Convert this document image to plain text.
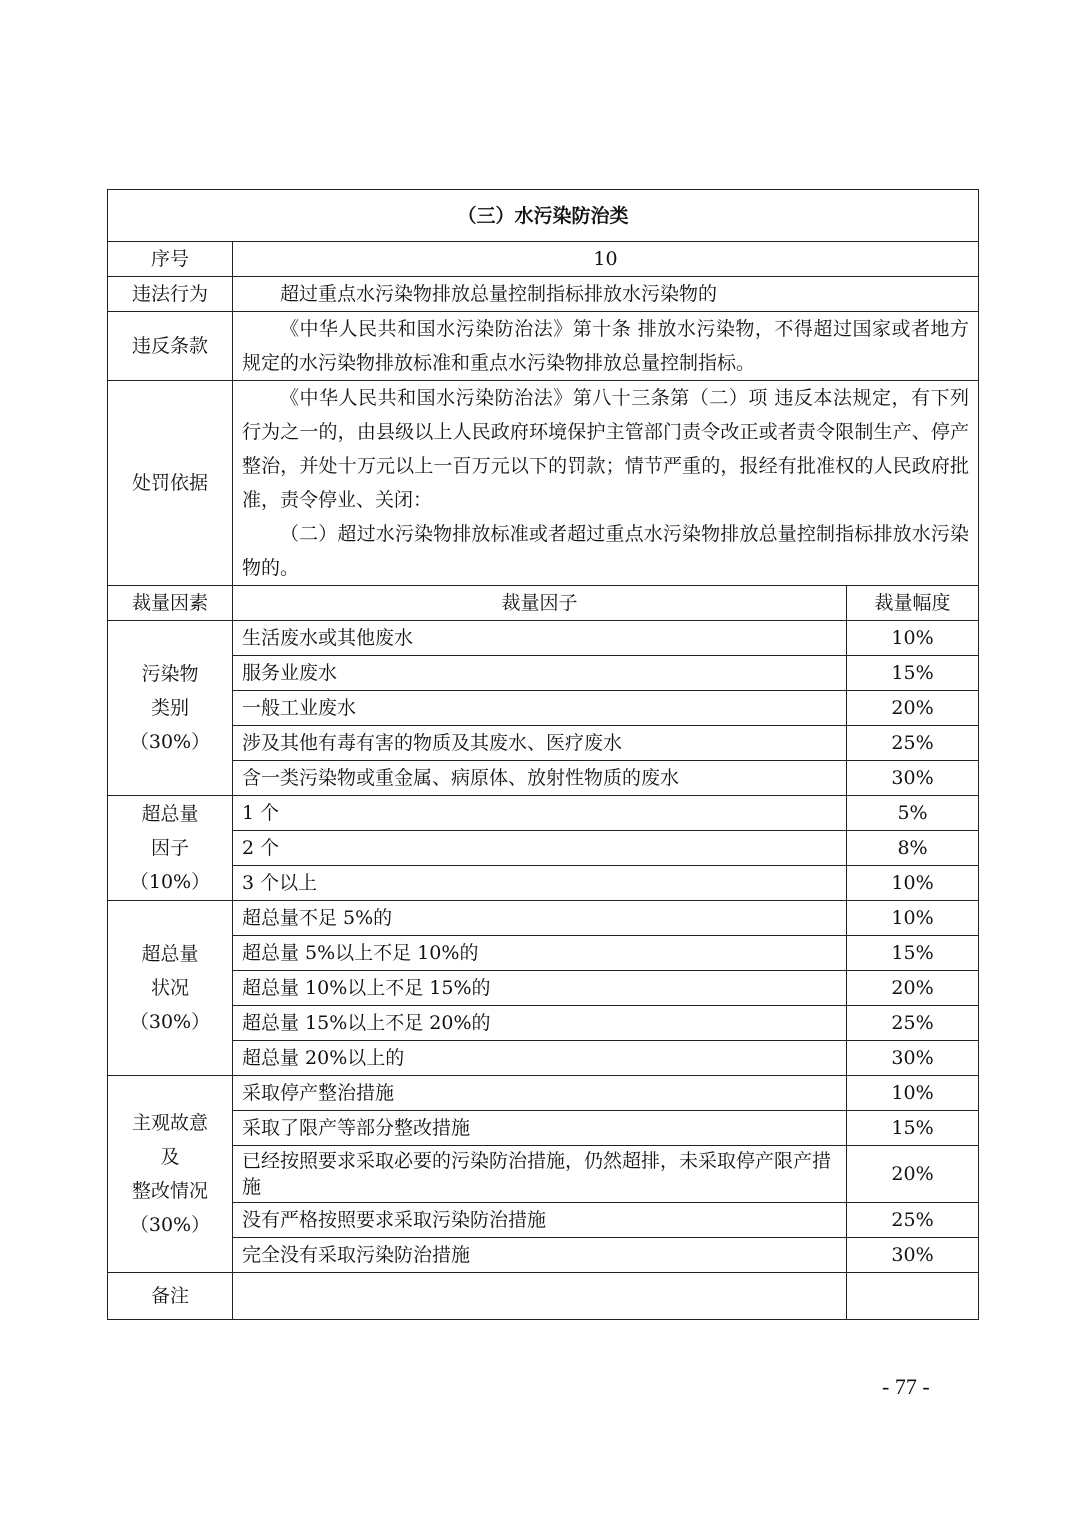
（三）水污染防治类		
序号	10	
违法行为	超过重点水污染物排放总量控制指标排放水污染物的	

违反条款	《中华人民共和国水污染防治法》第十条 排放水污染物，不得超过国家或者地方规定的水污染物排放标准和重点水污染物排放总量控制指标。	

处罚依据	《中华人民共和国水污染防治法》第八十三条第（二）项 违反本法规定，有下列行为之一的，由县级以上人民政府环境保护主管部门责令改正或者责令限制生产、停产整治，并处十万元以上一百万元以下的罚款；情节严重的，报经有批准权的人民政府批准，责令停业、关闭：

（二）超过水污染物排放标准或者超过重点水污染物排放总量控制指标排放水污染物的。	

裁量因素	裁量因子	裁量幅度

污染物
类别
（30%）	生活废水或其他废水	10%
	服务业废水	15%
	一般工业废水	20%
	涉及其他有毒有害的物质及其废水、医疗废水	25%
	含一类污染物或重金属、病原体、放射性物质的废水	30%

超总量
因子
（10%）	1 个	5%
	2 个	8%
	3 个以上	10%

超总量
状况
（30%）	超总量不足 5%的	10%
	超总量 5%以上不足 10%的	15%
	超总量 10%以上不足 15%的	20%
	超总量 15%以上不足 20%的	25%
	超总量 20%以上的	30%

主观故意
及
整改情况
（30%）	采取停产整治措施	10%
	采取了限产等部分整改措施	15%
	已经按照要求采取必要的污染防治措施，仍然超排，未采取停产限产措施	20%
	没有严格按照要求采取污染防治措施	25%
	完全没有采取污染防治措施	30%
备注		
- 77 -
